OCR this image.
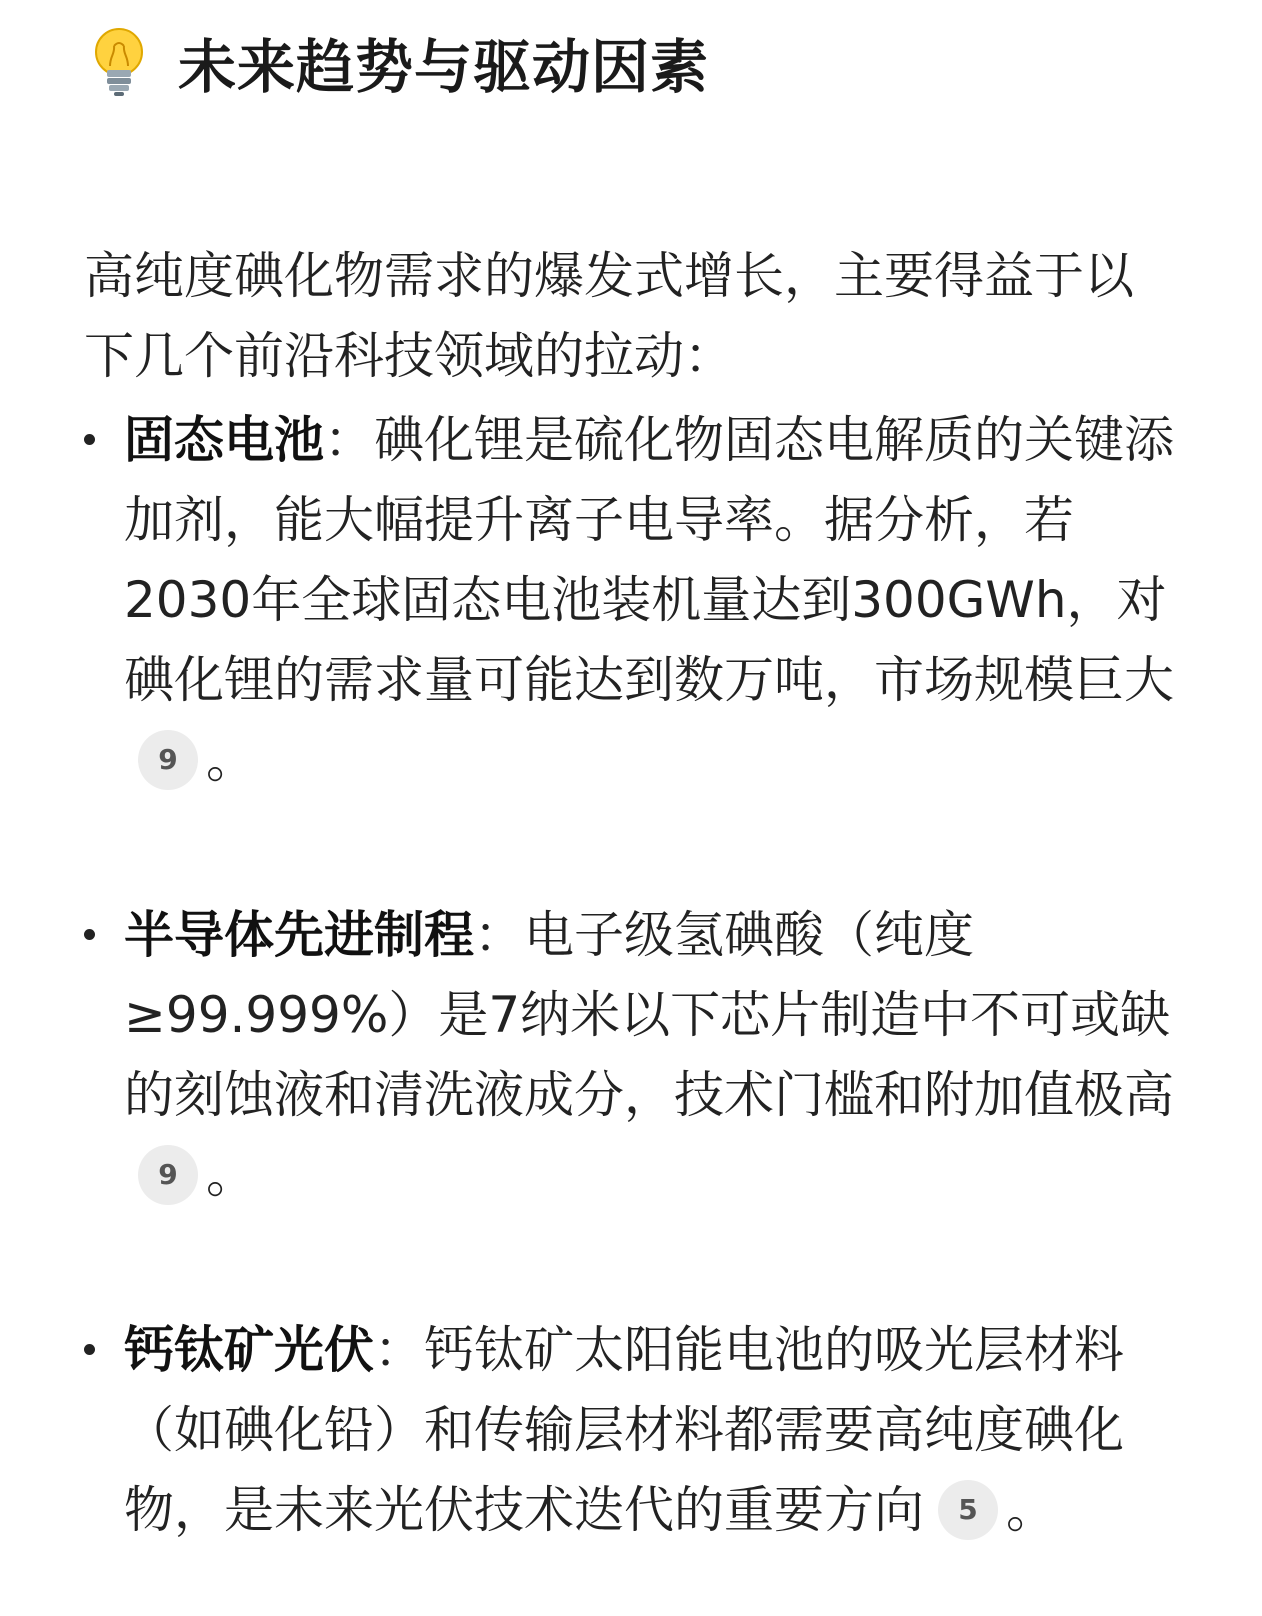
未来趋势与驱动因素

高纯度碘化物需求的爆发式增长，主要得益于以下几个前沿科技领域的拉动：

固态电池：碘化锂是硫化物固态电解质的关键添加剂，能大幅提升离子电导率。据分析，若2030年全球固态电池装机量达到300GWh，对碘化锂的需求量可能达到数万吨，市场规模巨大9 。
半导体先进制程：电子级氢碘酸（纯度≥99.999%）是7纳米以下芯片制造中不可或缺的刻蚀液和清洗液成分，技术门槛和附加值极高9 。
钙钛矿光伏：钙钛矿太阳能电池的吸光层材料（如碘化铅）和传输层材料都需要高纯度碘化物，是未来光伏技术迭代的重要方向 5 。
